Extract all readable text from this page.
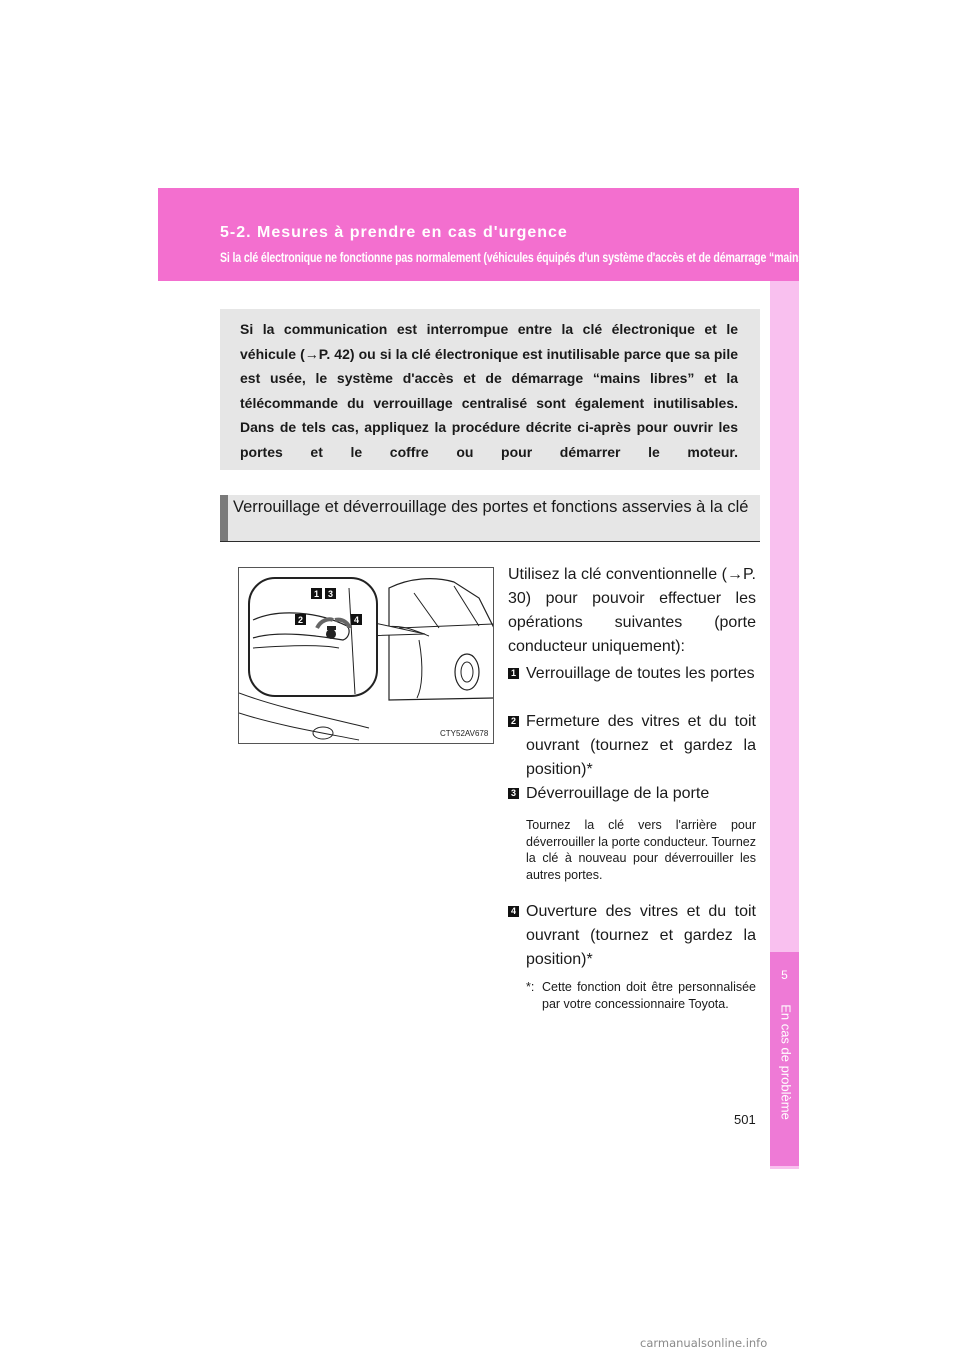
5-2. Mesures à prendre en cas d'urgence
Si la clé électronique ne fonctionne pas normalement (véhicules équipés d'un système d'accès et de démarrage “mains libres”)
5
En cas de problème
Si la communication est interrompue entre la clé électronique et le véhicule (→P. 42) ou si la clé électronique est inutilisable parce que sa pile est usée, le système d'accès et de démarrage “mains libres” et la télécommande du verrouillage centralisé sont également inutilisables. Dans de tels cas, appliquez la procédure décrite ci-après pour ouvrir les portes et le coffre ou pour démarrer le moteur.
Verrouillage et déverrouillage des portes et fonctions asservies à la clé
1 3
2	4
CTY52AV678
Utilisez la clé conventionnelle (→P. 30) pour pouvoir effectuer les opérations suivantes (porte conducteur uniquement):
1 Verrouillage de toutes les portes
2 Fermeture des vitres et du toit ouvrant (tournez et gardez la position)*
3 Déverrouillage de la porte
Tournez la clé vers l'arrière pour déverrouiller la porte conducteur. Tournez la clé à nouveau pour déverrouiller les autres portes.
4 Ouverture des vitres et du toit ouvrant (tournez et gardez la position)*
*: Cette fonction doit être personnalisée par votre concessionnaire Toyota.
501
carmanualsonline.info
